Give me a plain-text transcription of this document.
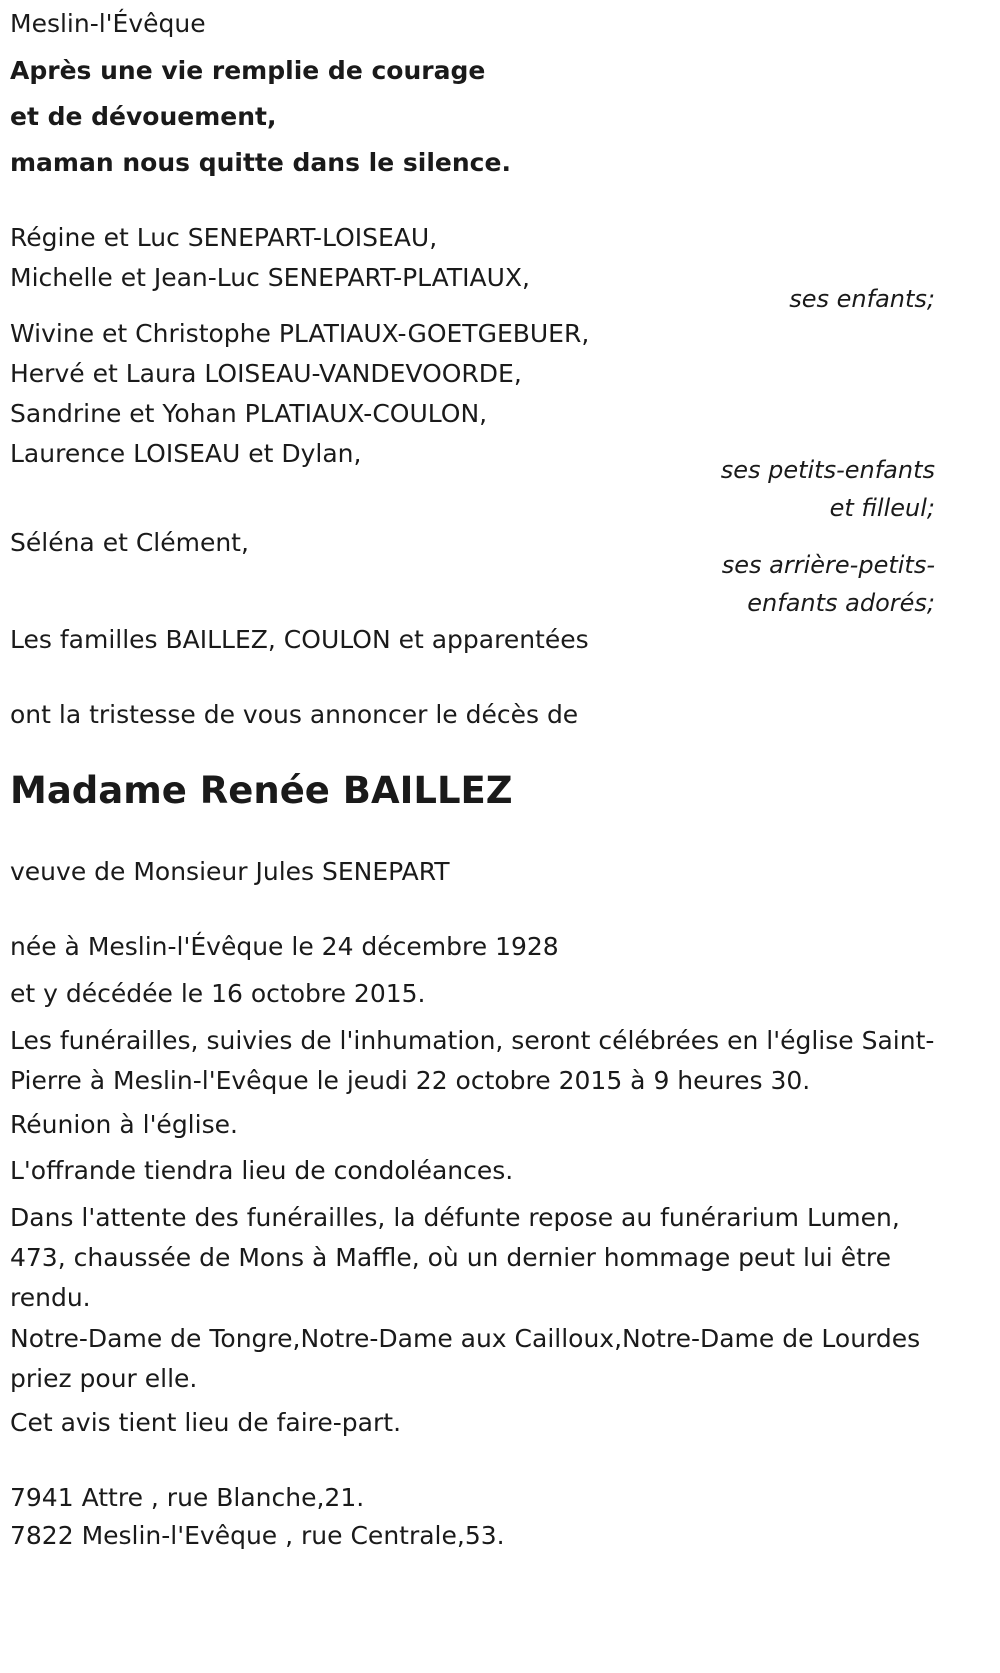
Meslin-l'Évêque
Après une vie remplie de courage
et de dévouement,
maman nous quitte dans le silence.
Régine et Luc SENEPART-LOISEAU,
Michelle et Jean-Luc SENEPART-PLATIAUX,
ses enfants;
Wivine et Christophe PLATIAUX-GOETGEBUER,
Hervé et Laura LOISEAU-VANDEVOORDE,
Sandrine et Yohan PLATIAUX-COULON,
Laurence LOISEAU et Dylan,
ses petits-enfants
et filleul;
Séléna et Clément,
ses arrière-petits-
enfants adorés;
Les familles BAILLEZ, COULON et apparentées
ont la tristesse de vous annoncer le décès de
Madame Renée BAILLEZ
veuve de Monsieur Jules SENEPART
née à Meslin-l'Évêque le 24 décembre 1928
et y décédée le 16 octobre 2015.
Les funérailles, suivies de l'inhumation, seront célébrées en l'église Saint-Pierre à Meslin-l'Evêque le jeudi 22 octobre 2015 à 9 heures 30.
Réunion à l'église.
L'offrande tiendra lieu de condoléances.
Dans l'attente des funérailles, la défunte repose au funérarium Lumen, 473, chaussée de Mons à Maffle, où un dernier hommage peut lui être rendu.
Notre-Dame de Tongre,Notre-Dame aux Cailloux,Notre-Dame de Lourdes priez pour elle.
Cet avis tient lieu de faire-part.
7941 Attre , rue Blanche,21.
7822 Meslin-l'Evêque , rue Centrale,53.
